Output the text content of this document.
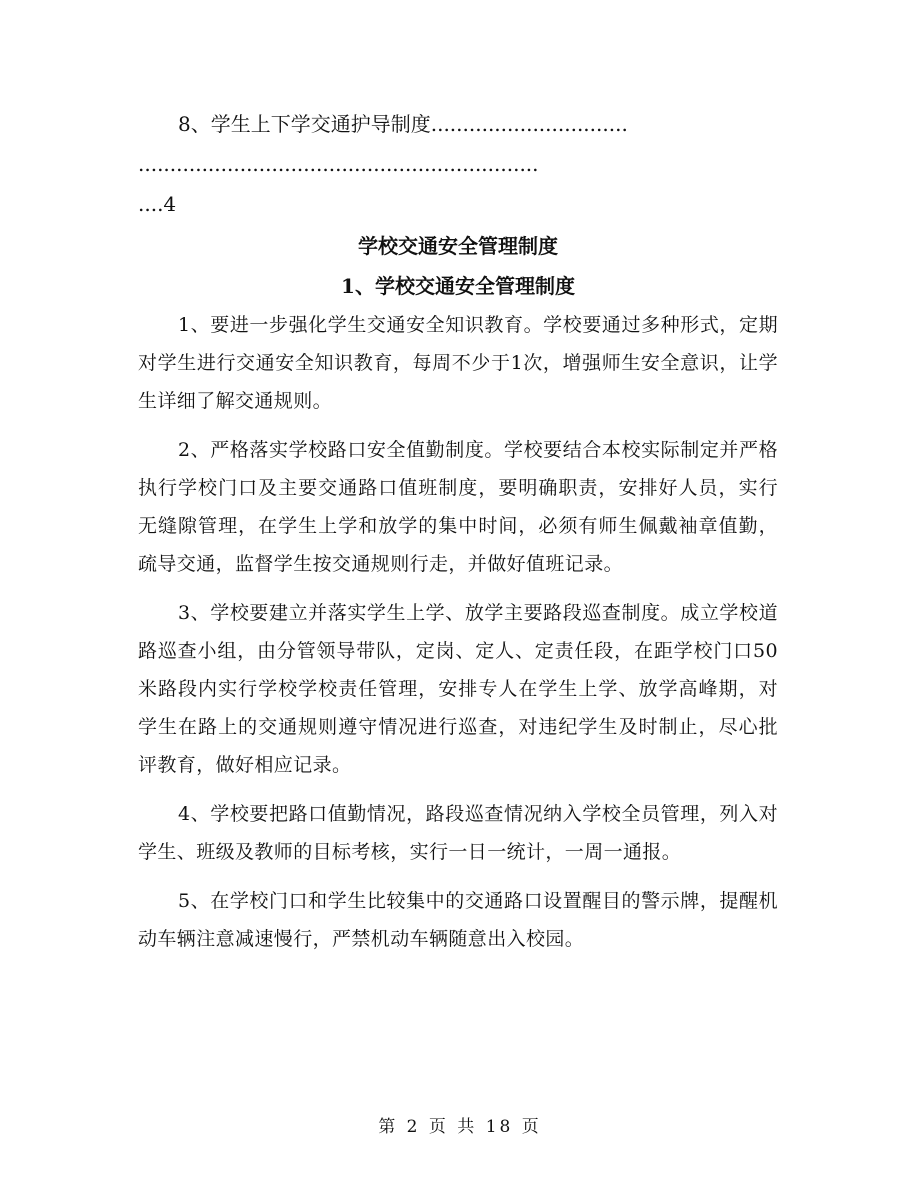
8、学生上下学交通护导制度...............................
...............................................................
....4
学校交通安全管理制度
1、学校交通安全管理制度

1、要进一步强化学生交通安全知识教育。学校要通过多种形式，定期对学生进行交通安全知识教育，每周不少于1次，增强师生安全意识，让学生详细了解交通规则。

2、严格落实学校路口安全值勤制度。学校要结合本校实际制定并严格执行学校门口及主要交通路口值班制度，要明确职责，安排好人员，实行无缝隙管理，在学生上学和放学的集中时间，必须有师生佩戴袖章值勤，疏导交通，监督学生按交通规则行走，并做好值班记录。

3、学校要建立并落实学生上学、放学主要路段巡查制度。成立学校道路巡查小组，由分管领导带队，定岗、定人、定责任段，在距学校门口50米路段内实行学校学校责任管理，安排专人在学生上学、放学高峰期，对学生在路上的交通规则遵守情况进行巡查，对违纪学生及时制止，尽心批评教育，做好相应记录。

4、学校要把路口值勤情况，路段巡查情况纳入学校全员管理，列入对学生、班级及教师的目标考核，实行一日一统计，一周一通报。

5、在学校门口和学生比较集中的交通路口设置醒目的警示牌，提醒机动车辆注意减速慢行，严禁机动车辆随意出入校园。

第 2 页 共 18 页
